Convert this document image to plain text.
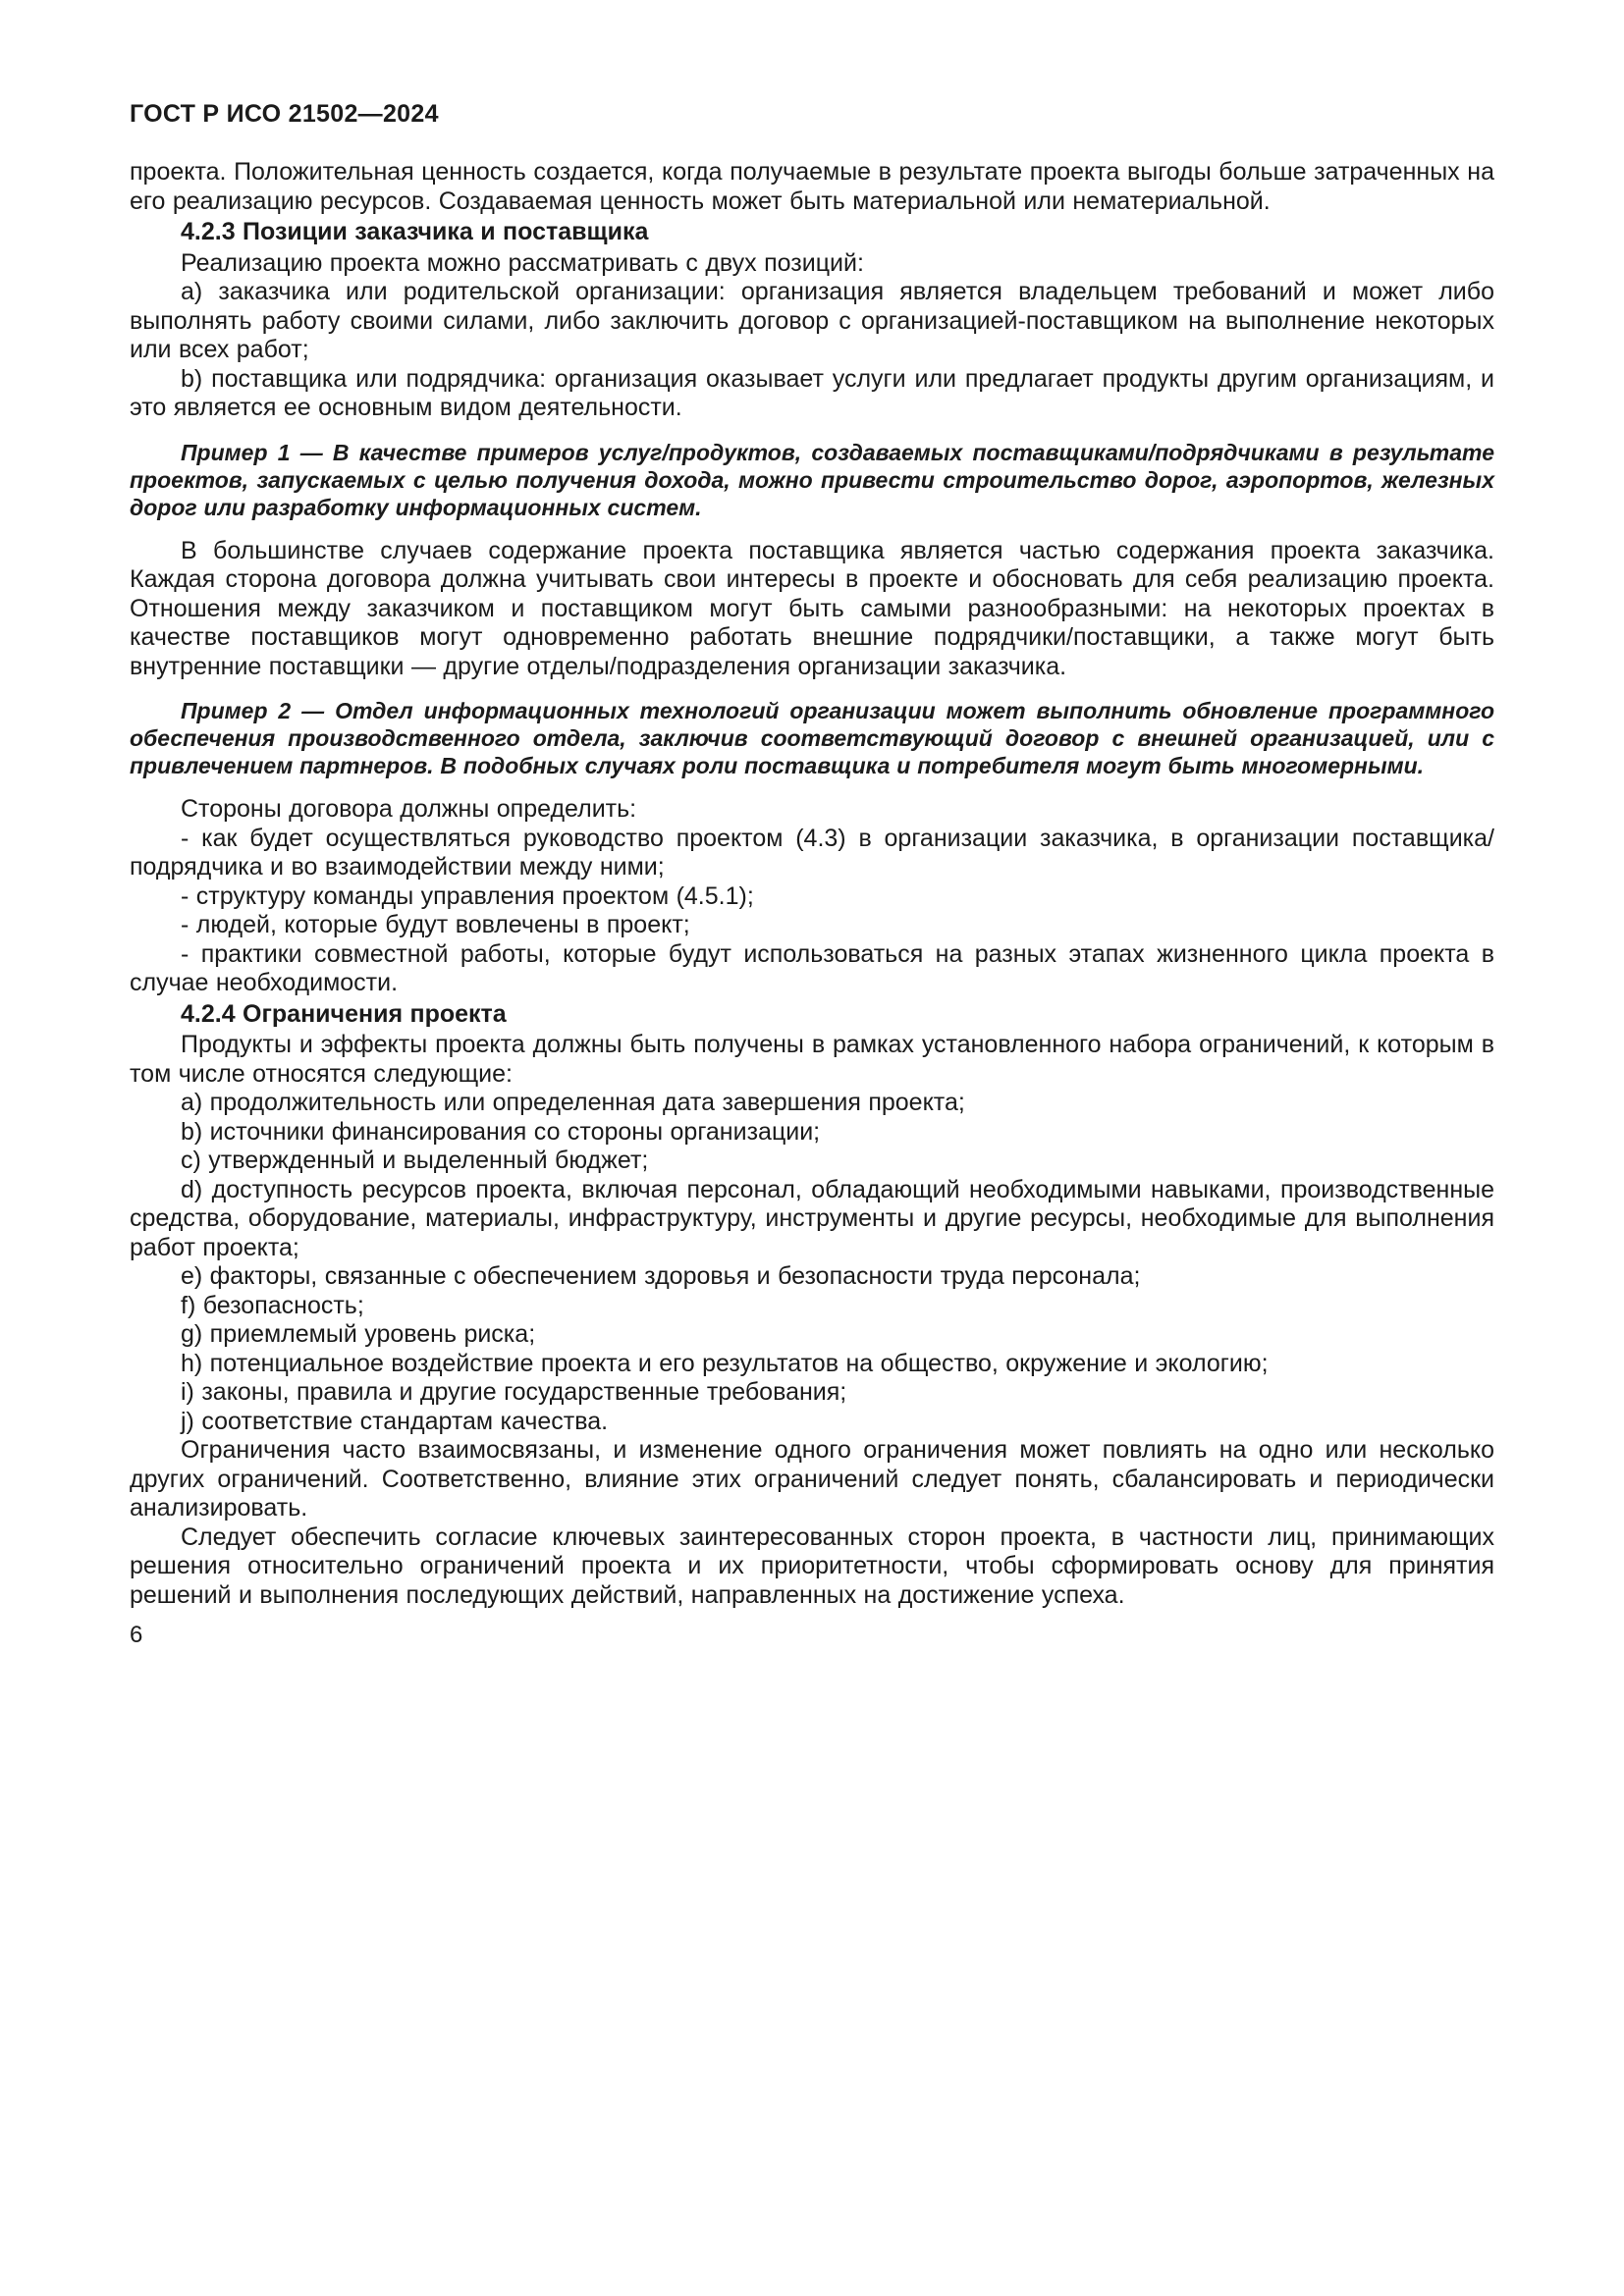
ГОСТ Р ИСО 21502—2024

проекта. Положительная ценность создается, когда получаемые в результате проекта выгоды больше затраченных на его реализацию ресурсов. Создаваемая ценность может быть материальной или нематериальной.

4.2.3 Позиции заказчика и поставщика

Реализацию проекта можно рассматривать с двух позиций:

a) заказчика или родительской организации: организация является владельцем требований и может либо выполнять работу своими силами, либо заключить договор с организацией-поставщиком на выполнение некоторых или всех работ;

b) поставщика или подрядчика: организация оказывает услуги или предлагает продукты другим организациям, и это является ее основным видом деятельности.

Пример 1 — В качестве примеров услуг/продуктов, создаваемых поставщиками/подрядчиками в результате проектов, запускаемых с целью получения дохода, можно привести строительство дорог, аэропортов, железных дорог или разработку информационных систем.

В большинстве случаев содержание проекта поставщика является частью содержания проекта заказчика. Каждая сторона договора должна учитывать свои интересы в проекте и обосновать для себя реализацию проекта. Отношения между заказчиком и поставщиком могут быть самыми разнообразными: на некоторых проектах в качестве поставщиков могут одновременно работать внешние подрядчики/поставщики, а также могут быть внутренние поставщики — другие отделы/подразделения организации заказчика.

Пример 2 — Отдел информационных технологий организации может выполнить обновление программного обеспечения производственного отдела, заключив соответствующий договор с внешней организацией, или с привлечением партнеров. В подобных случаях роли поставщика и потребителя могут быть многомерными.

Стороны договора должны определить:

- как будет осуществляться руководство проектом (4.3) в организации заказчика, в организации поставщика/подрядчика и во взаимодействии между ними;

- структуру команды управления проектом (4.5.1);

- людей, которые будут вовлечены в проект;

- практики совместной работы, которые будут использоваться на разных этапах жизненного цикла проекта в случае необходимости.

4.2.4 Ограничения проекта

Продукты и эффекты проекта должны быть получены в рамках установленного набора ограничений, к которым в том числе относятся следующие:

a) продолжительность или определенная дата завершения проекта;

b) источники финансирования со стороны организации;

c) утвержденный и выделенный бюджет;

d) доступность ресурсов проекта, включая персонал, обладающий необходимыми навыками, производственные средства, оборудование, материалы, инфраструктуру, инструменты и другие ресурсы, необходимые для выполнения работ проекта;

e) факторы, связанные с обеспечением здоровья и безопасности труда персонала;

f) безопасность;

g) приемлемый уровень риска;

h) потенциальное воздействие проекта и его результатов на общество, окружение и экологию;

i) законы, правила и другие государственные требования;

j) соответствие стандартам качества.

Ограничения часто взаимосвязаны, и изменение одного ограничения может повлиять на одно или несколько других ограничений. Соответственно, влияние этих ограничений следует понять, сбалансировать и периодически анализировать.

Следует обеспечить согласие ключевых заинтересованных сторон проекта, в частности лиц, принимающих решения относительно ограничений проекта и их приоритетности, чтобы сформировать основу для принятия решений и выполнения последующих действий, направленных на достижение успеха.

6
